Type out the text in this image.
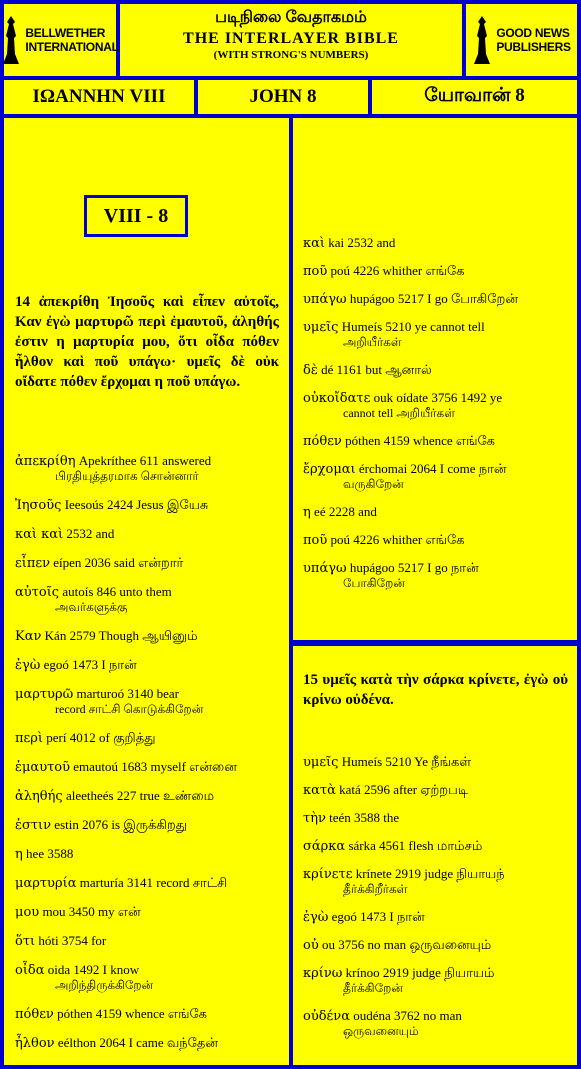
BELLWETHER
INTERNATIONAL
படிநிலை வேதாகமம்
THE INTERLAYER BIBLE
(WITH STRONG'S NUMBERS)
GOOD NEWS
PUBLISHERS
ΙΩΑΝΝΗΝ VIII	JOHN 8	யோவான் 8
VIII - 8
14 ἀπεκρίθη Ἰησοῦς καὶ εἶπεν αὐτοῖς, Καν ἐγὼ μαρτυρῶ περὶ ἐμαυτοῦ, ἀληθής ἐστιν η μαρτυρία μου, ὅτι οἶδα πόθεν ἦλθον καὶ ποῦ υπάγω· υμεῖς δὲ οὐκ οἴδατε πόθεν ἔρχομαι η ποῦ υπάγω.
ἀπεκρίθη Apekríthee 611 answered
பிரதியுத்தரமாக சொன்னார்
Ἰησοῦς Ieesoús 2424 Jesus இயேசு
καὶ καὶ 2532 and
εἶπεν eípen 2036 said என்றார்
αὐτοῖς autoís 846 unto them
அவர்களுக்கு
Καν Kán 2579 Though ஆயினும்
ἐγὼ egoó 1473 I நான்
μαρτυρῶ marturoó 3140 bear
record சாட்சி கொடுக்கிறேன்
περὶ perí 4012 of குறித்து
ἐμαυτοῦ emautoú 1683 myself என்னை
ἀληθής aleetheés 227 true உண்மை
ἐστιν estin 2076 is இருக்கிறது
η hee 3588
μαρτυρία marturía 3141 record சாட்சி
μου mou 3450 my என்
ὅτι hóti 3754 for
οἶδα oida 1492 I know
அறிந்திருக்கிறேன்
πόθεν póthen 4159 whence எங்கே
ἦλθον eélthon 2064 I came வந்தேன்
καὶ kai 2532 and
ποῦ poú 4226 whither எங்கே
υπάγω hupágoo 5217 I go போகிறேன்
υμεῖς Humeís 5210 ye cannot tell
அறியீர்கள்
δὲ dé 1161 but ஆனால்
οὐκοἴδατε ouk oídate 3756 1492 ye
cannot tell அறியீர்கள்
πόθεν póthen 4159 whence எங்கே
ἔρχομαι érchomai 2064 I come நான்
வருகிறேன்
η eé 2228 and
ποῦ poú 4226 whither எங்கே
υπάγω hupágoo 5217 I go நான்
போகிறேன்
15 υμεῖς κατὰ τὴν σάρκα κρίνετε, ἐγὼ οὐ κρίνω οὐδένα.
υμεῖς Humeís 5210 Ye நீங்கள்
κατὰ katá 2596 after ஏற்றபடி
τὴν teén 3588 the
σάρκα sárka 4561 flesh மாம்சம்
κρίνετε krínete 2919 judge நியாயந்
தீர்க்கிறீர்கள்
ἐγὼ egoó 1473 I நான்
οὐ ou 3756 no man ஒருவனையும்
κρίνω krínoo 2919 judge நியாயம்
தீர்க்கிறேன்
οὐδένα oudéna 3762 no man
ஒருவனையும்
